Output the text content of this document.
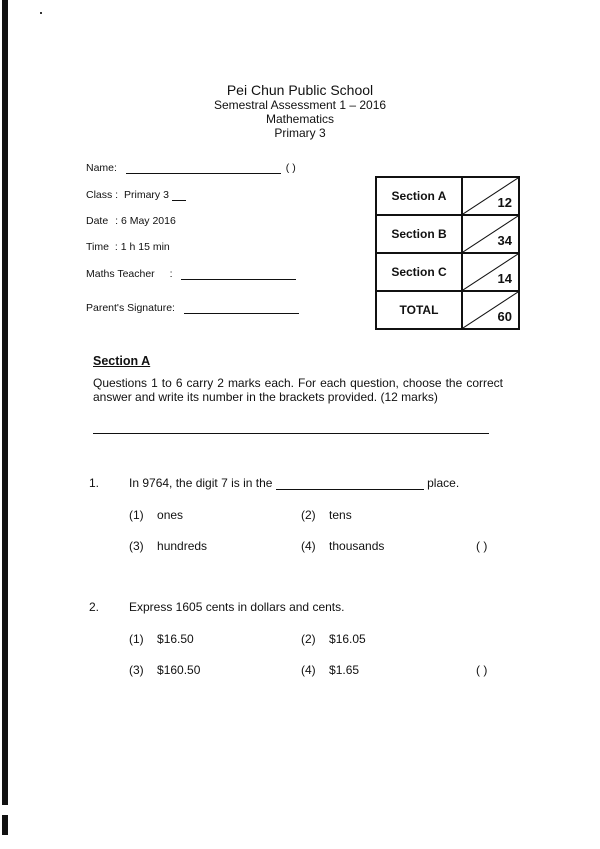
Pei Chun Public School
Semestral Assessment 1 – 2016
Mathematics
Primary 3
Name:	( )
Class : Primary 3
Date : 6 May 2016
Time : 1 h 15 min
Maths Teacher :
Parent's Signature:
Section A	12

Section B	34

Section C	14

TOTAL	60
Section A
Questions 1 to 6 carry 2 marks each. For each question, choose the correct answer and write its number in the brackets provided. (12 marks)
1. In 9764, the digit 7 is in the	place.
(1) ones	(2) tens
(3) hundreds	(4) thousands	( )
2. Express 1605 cents in dollars and cents.
(1) $16.50	(2) $16.05
(3) $160.50	(4) $1.65	( )
